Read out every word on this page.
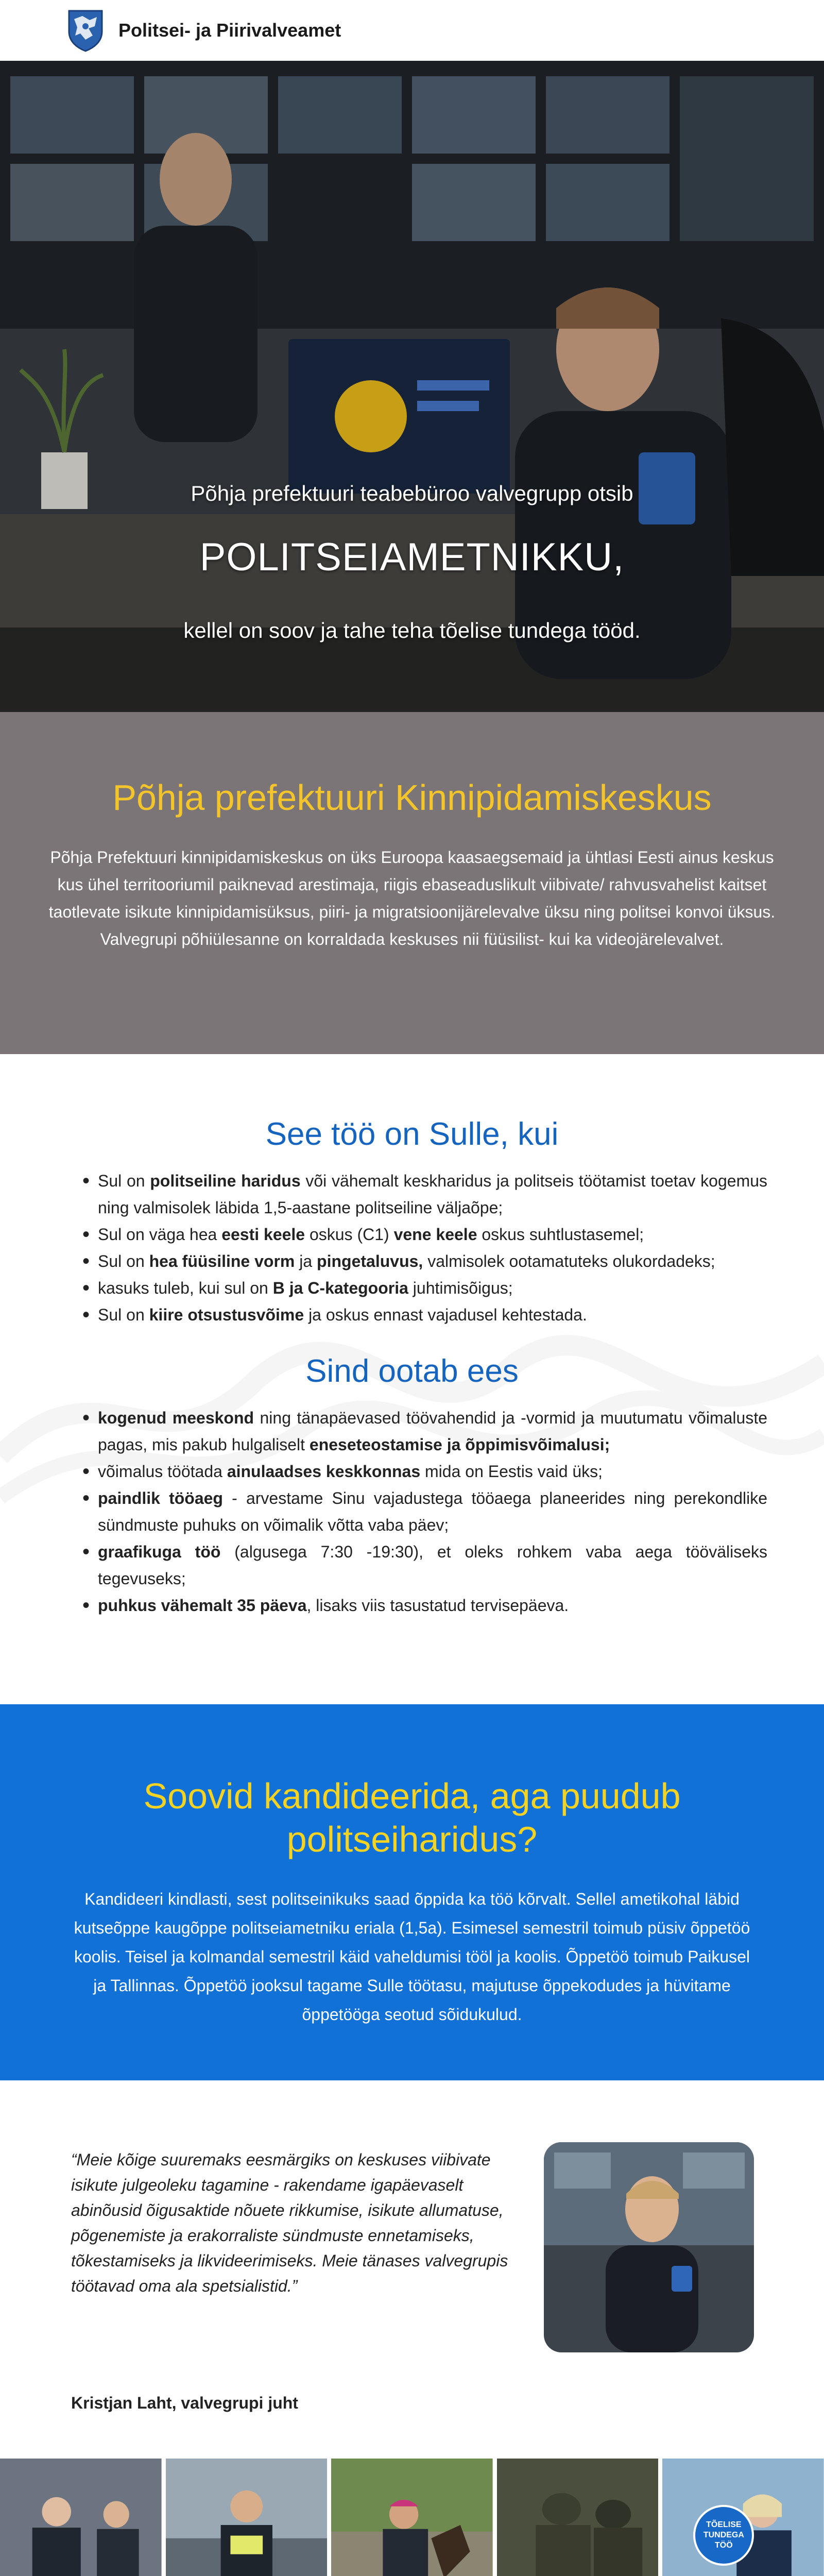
Politsei- ja Piirivalveamet
Põhja prefektuuri teabebüroo valvegrupp otsib
POLITSEIAMETNIKKU,
kellel on soov ja tahe teha tõelise tundega tööd.
Põhja prefektuuri Kinnipidamiskeskus

Põhja Prefektuuri kinnipidamiskeskus on üks Euroopa kaasaegsemaid ja ühtlasi Eesti ainus keskus kus ühel territooriumil paiknevad arestimaja, riigis ebaseaduslikult viibivate/ rahvusvahelist kaitset taotlevate isikute kinnipidamisüksus, piiri- ja migratsioonijärelevalve üksu ning politsei konvoi üksus. Valvegrupi põhiülesanne on korraldada keskuses nii füüsilist- kui ka videojärelevalvet.

See töö on Sulle, kui
• Sul on politseiline haridus või vähemalt keskharidus ja politseis töötamist toetav kogemus ning valmisolek läbida 1,5-aastane politseiline väljaõpe;
• Sul on väga hea eesti keele oskus (C1) vene keele oskus suhtlustasemel;
• Sul on hea füüsiline vorm ja pingetaluvus, valmisolek ootamatuteks olukordadeks;
• kasuks tuleb, kui sul on B ja C-kategooria juhtimisõigus;
• Sul on kiire otsustusvõime ja oskus ennast vajadusel kehtestada.
Sind ootab ees
• kogenud meeskond ning tänapäevased töövahendid ja -vormid ja muutumatu võimaluste pagas, mis pakub hulgaliselt eneseteostamise ja õppimisvõimalusi;
• võimalus töötada ainulaadses keskkonnas mida on Eestis vaid üks;
• paindlik tööaeg - arvestame Sinu vajadustega tööaega planeerides ning perekondlike sündmuste puhuks on võimalik võtta vaba päev;
• graafikuga töö (algusega 7:30 -19:30), et oleks rohkem vaba aega tööväliseks tegevuseks;
• puhkus vähemalt 35 päeva, lisaks viis tasustatud tervisepäeva.
Soovid kandideerida, aga puudub politseiharidus?

Kandideeri kindlasti, sest politseinikuks saad õppida ka töö kõrvalt. Sellel ametikohal läbid kutseõppe kaugõppe politseiametniku eriala (1,5a). Esimesel semestril toimub püsiv õppetöö koolis. Teisel ja kolmandal semestril käid vaheldumisi tööl ja koolis. Õppetöö toimub Paikusel ja Tallinnas. Õppetöö jooksul tagame Sulle töötasu, majutuse õppekodudes ja hüvitame õppetööga seotud sõidukulud.

“Meie kõige suuremaks eesmärgiks on keskuses viibivate isikute julgeoleku tagamine - rakendame igapäevaselt abinõusid õigusaktide nõuete rikkumise, isikute allumatuse, põgenemiste ja erakorraliste sündmuste ennetamiseks, tõkestamiseks ja likvideerimiseks. Meie tänases valvegrupis töötavad oma ala spetsialistid.”
Kristjan Laht, valvegrupi juht
TÕELISE TUNDEGA TÖÖ
